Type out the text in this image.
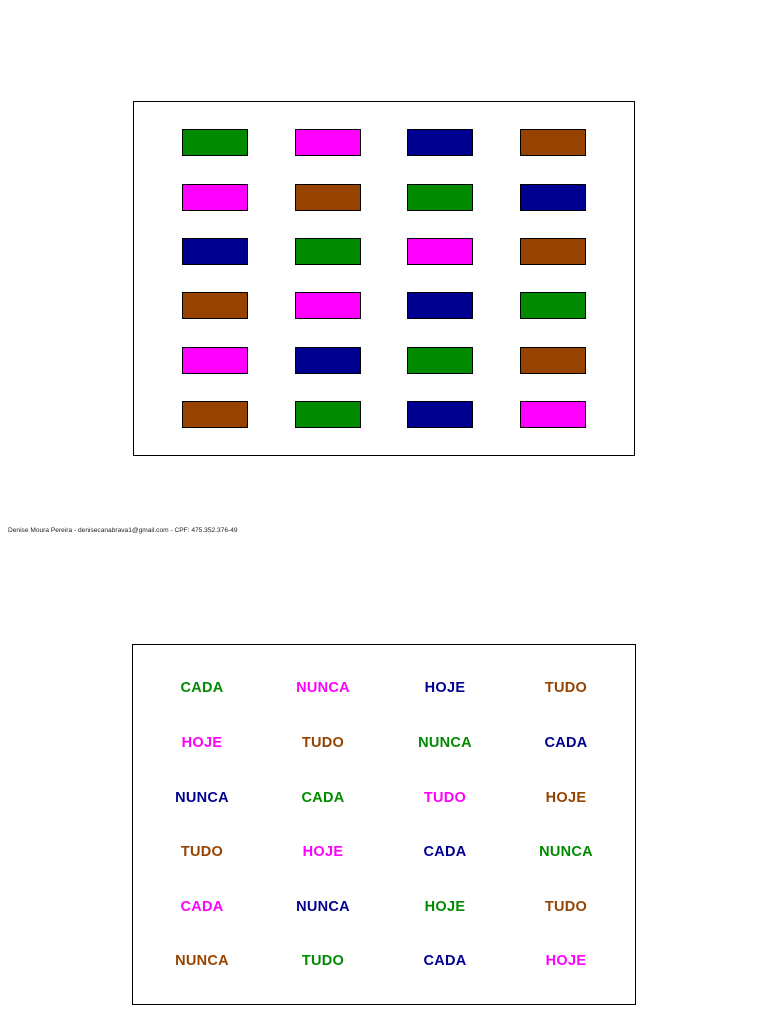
Denise Moura Pereira - denisecanabrava1@gmail.com - CPF: 475.352.376-49
CADA	NUNCA	HOJE	TUDO
HOJE	TUDO	NUNCA	CADA
NUNCA	CADA	TUDO	HOJE
TUDO	HOJE	CADA	NUNCA
CADA	NUNCA	HOJE	TUDO
NUNCA	TUDO	CADA	HOJE
